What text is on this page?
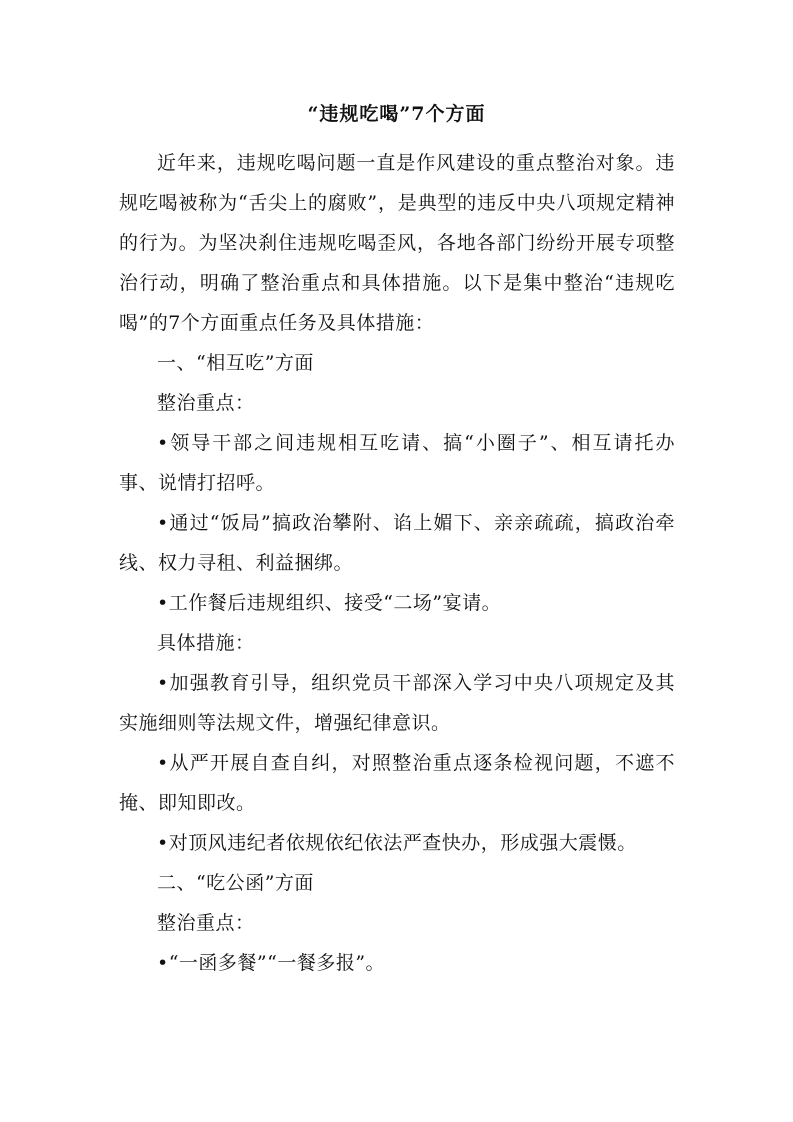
“违规吃喝”7个方面

近年来，违规吃喝问题一直是作风建设的重点整治对象。违规吃喝被称为“舌尖上的腐败”，是典型的违反中央八项规定精神的行为。为坚决刹住违规吃喝歪风，各地各部门纷纷开展专项整治行动，明确了整治重点和具体措施。以下是集中整治“违规吃喝”的7个方面重点任务及具体措施：

一、“相互吃”方面

整治重点：

•领导干部之间违规相互吃请、搞“小圈子”、相互请托办事、说情打招呼。

•通过“饭局”搞政治攀附、谄上媚下、亲亲疏疏，搞政治牵线、权力寻租、利益捆绑。

•工作餐后违规组织、接受“二场”宴请。

具体措施：

•加强教育引导，组织党员干部深入学习中央八项规定及其实施细则等法规文件，增强纪律意识。

•从严开展自查自纠，对照整治重点逐条检视问题，不遮不掩、即知即改。

•对顶风违纪者依规依纪依法严查快办，形成强大震慑。

二、“吃公函”方面

整治重点：

•“一函多餐”“一餐多报”。
